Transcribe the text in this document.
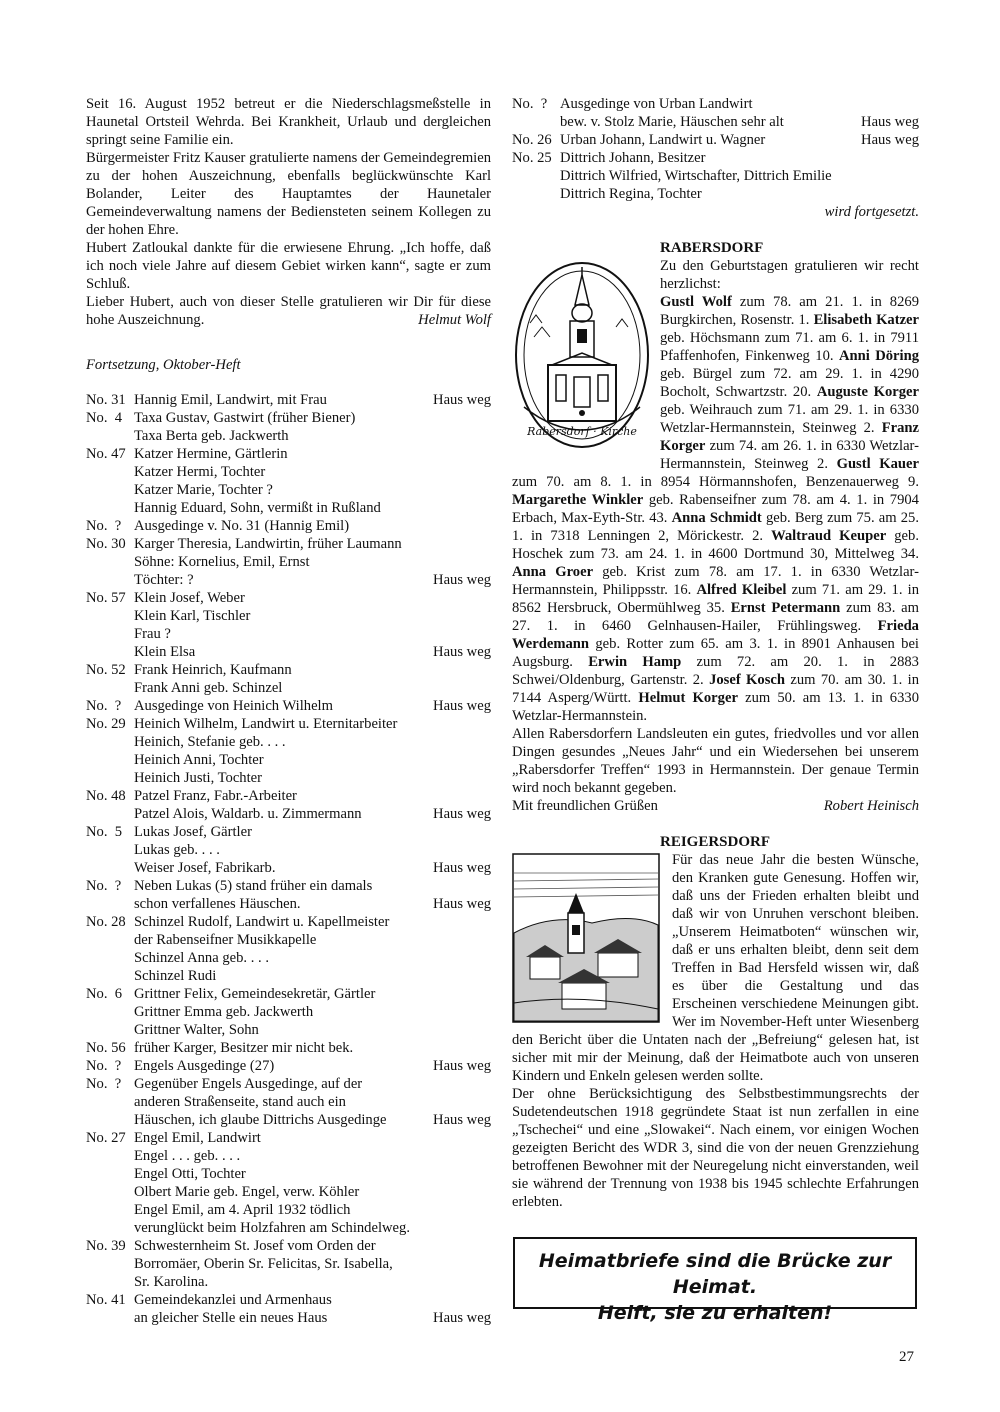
Seit 16. August 1952 betreut er die Niederschlagsmeßstelle in Haunetal Ortsteil Wehrda. Bei Krankheit, Urlaub und dergleichen springt seine Familie ein.

Bürgermeister Fritz Kauser gratulierte namens der Gemeindegremien zu der hohen Auszeichnung, ebenfalls beglückwünschte Karl Bolander, Leiter des Hauptamtes der Haunetaler Gemeindeverwaltung namens der Bediensteten seinem Kollegen zu der hohen Ehre.

Hubert Zatloukal dankte für die erwiesene Ehrung. „Ich hoffe, daß ich noch viele Jahre auf diesem Gebiet wirken kann“, sagte er zum Schluß.

Lieber Hubert, auch von dieser Stelle gratulieren wir Dir für diese hohe Auszeichnung.	Helmut Wolf

Fortsetzung, Oktober-Heft
No. 31 Hannig Emil, Landwirt, mit Frau	Haus weg
No.  4 Taxa Gustav, Gastwirt (früher Biener)
Taxa Berta geb. Jackwerth
No. 47 Katzer Hermine, Gärtlerin
Katzer Hermi, Tochter
Katzer Marie, Tochter ?
Hannig Eduard, Sohn, vermißt in Rußland
No.  ? Ausgedinge v. No. 31 (Hannig Emil)
No. 30 Karger Theresia, Landwirtin, früher Laumann
Söhne: Kornelius, Emil, Ernst
Töchter: ?	Haus weg
No. 57 Klein Josef, Weber
Klein Karl, Tischler
Frau ?
Klein Elsa	Haus weg
No. 52 Frank Heinrich, Kaufmann
Frank Anni geb. Schinzel
No.  ? Ausgedinge von Heinich Wilhelm	Haus weg
No. 29 Heinich Wilhelm, Landwirt u. Eternitarbeiter
Heinich, Stefanie geb. . . .
Heinich Anni, Tochter
Heinich Justi, Tochter
No. 48 Patzel Franz, Fabr.-Arbeiter
Patzel Alois, Waldarb. u. Zimmermann	Haus weg
No.  5 Lukas Josef, Gärtler
Lukas geb. . . .
Weiser Josef, Fabrikarb.	Haus weg
No.  ? Neben Lukas (5) stand früher ein damals
schon verfallenes Häuschen.	Haus weg
No. 28 Schinzel Rudolf, Landwirt u. Kapellmeister
der Rabenseifner Musikkapelle
Schinzel Anna geb. . . .
Schinzel Rudi
No.  6 Grittner Felix, Gemeindesekretär, Gärtler
Grittner Emma geb. Jackwerth
Grittner Walter, Sohn
No. 56 früher Karger, Besitzer mir nicht bek.
No.  ? Engels Ausgedinge (27)	Haus weg
No.  ? Gegenüber Engels Ausgedinge, auf der
anderen Straßenseite, stand auch ein
Häuschen, ich glaube Dittrichs Ausgedinge	Haus weg
No. 27 Engel Emil, Landwirt
Engel . . . geb. . . .
Engel Otti, Tochter
Olbert Marie geb. Engel, verw. Köhler
Engel Emil, am 4. April 1932 tödlich
verunglückt beim Holzfahren am Schindelweg.
No. 39 Schwesternheim St. Josef vom Orden der
Borromäer, Oberin Sr. Felicitas, Sr. Isabella,
Sr. Karolina.
No. 41 Gemeindekanzlei und Armenhaus
an gleicher Stelle ein neues Haus	Haus weg
No.  ? Ausgedinge von Urban Landwirt
bew. v. Stolz Marie, Häuschen sehr alt	Haus weg
No. 26 Urban Johann, Landwirt u. Wagner	Haus weg
No. 25 Dittrich Johann, Besitzer
Dittrich Wilfried, Wirtschafter, Dittrich Emilie
Dittrich Regina, Tochter
wird fortgesetzt.
RABERSDORF
Rabersdorf · Kirche

Zu den Geburtstagen gratulieren wir recht herzlichst:

Gustl Wolf zum 78. am 21. 1. in 8269 Burgkirchen, Rosenstr. 1. Elisabeth Katzer geb. Höchsmann zum 71. am 6. 1. in 7911 Pfaffenhofen, Finkenweg 10. Anni Döring geb. Bürgel zum 72. am 29. 1. in 4290 Bocholt, Schwartzstr. 20. Auguste Korger geb. Weihrauch zum 71. am 29. 1. in 6330 Wetzlar-Hermannstein, Steinweg 2. Franz Korger zum 74. am 26. 1. in 6330 Wetzlar-Hermannstein, Steinweg 2. Gustl Kauer zum 70. am 8. 1. in 8954 Hörmannshofen, Benzenauerweg 9. Margarethe Winkler geb. Rabenseifner zum 78. am 4. 1. in 7904 Erbach, Max-Eyth-Str. 43. Anna Schmidt geb. Berg zum 75. am 25. 1. in 7318 Lenningen 2, Mörickestr. 2. Waltraud Keuper geb. Hoschek zum 73. am 24. 1. in 4600 Dortmund 30, Mittelweg 34. Anna Groer geb. Krist zum 78. am 17. 1. in 6330 Wetzlar-Hermannstein, Philippsstr. 16. Alfred Kleibel zum 71. am 29. 1. in 8562 Hersbruck, Obermühlweg 35. Ernst Petermann zum 83. am 27. 1. in 6460 Gelnhausen-Hailer, Frühlingsweg. Frieda Werdemann geb. Rotter zum 65. am 3. 1. in 8901 Anhausen bei Augsburg. Erwin Hamp zum 72. am 20. 1. in 2883 Schwei/Oldenburg, Gartenstr. 2. Josef Kosch zum 70. am 30. 1. in 7144 Asperg/Württ. Helmut Korger zum 50. am 13. 1. in 6330 Wetzlar-Hermannstein.

Allen Rabersdorfern Landsleuten ein gutes, friedvolles und vor allen Dingen gesundes „Neues Jahr“ und ein Wiedersehen bei unserem „Rabersdorfer Treffen“ 1993 in Hermannstein. Der genaue Termin wird noch bekannt gegeben.

Mit freundlichen Grüßen	Robert Heinisch
REIGERSDORF

Für das neue Jahr die besten Wünsche, den Kranken gute Genesung. Hoffen wir, daß uns der Frieden erhalten bleibt und daß wir von Unruhen verschont bleiben. „Unserem Heimatboten“ wünschen wir, daß er uns erhalten bleibt, denn seit dem Treffen in Bad Hersfeld wissen wir, daß es über die Gestaltung und das Erscheinen verschiedene Meinungen gibt. Wer im November-Heft unter Wiesenberg den Bericht über die Untaten nach der „Befreiung“ gelesen hat, ist sicher mit mir der Meinung, daß der Heimatbote auch von unseren Kindern und Enkeln gelesen werden sollte.

Der ohne Berücksichtigung des Selbstbestimmungsrechts der Sudetendeutschen 1918 gegründete Staat ist nun zerfallen in eine „Tschechei“ und eine „Slowakei“. Nach einem, vor einigen Wochen gezeigten Bericht des WDR 3, sind die von der neuen Grenzziehung betroffenen Bewohner mit der Neuregelung nicht einverstanden, weil sie während der Trennung von 1938 bis 1945 schlechte Erfahrungen erlebten.

Heimatbriefe sind die Brücke zur Heimat.
Helft, sie zu erhalten!
27
